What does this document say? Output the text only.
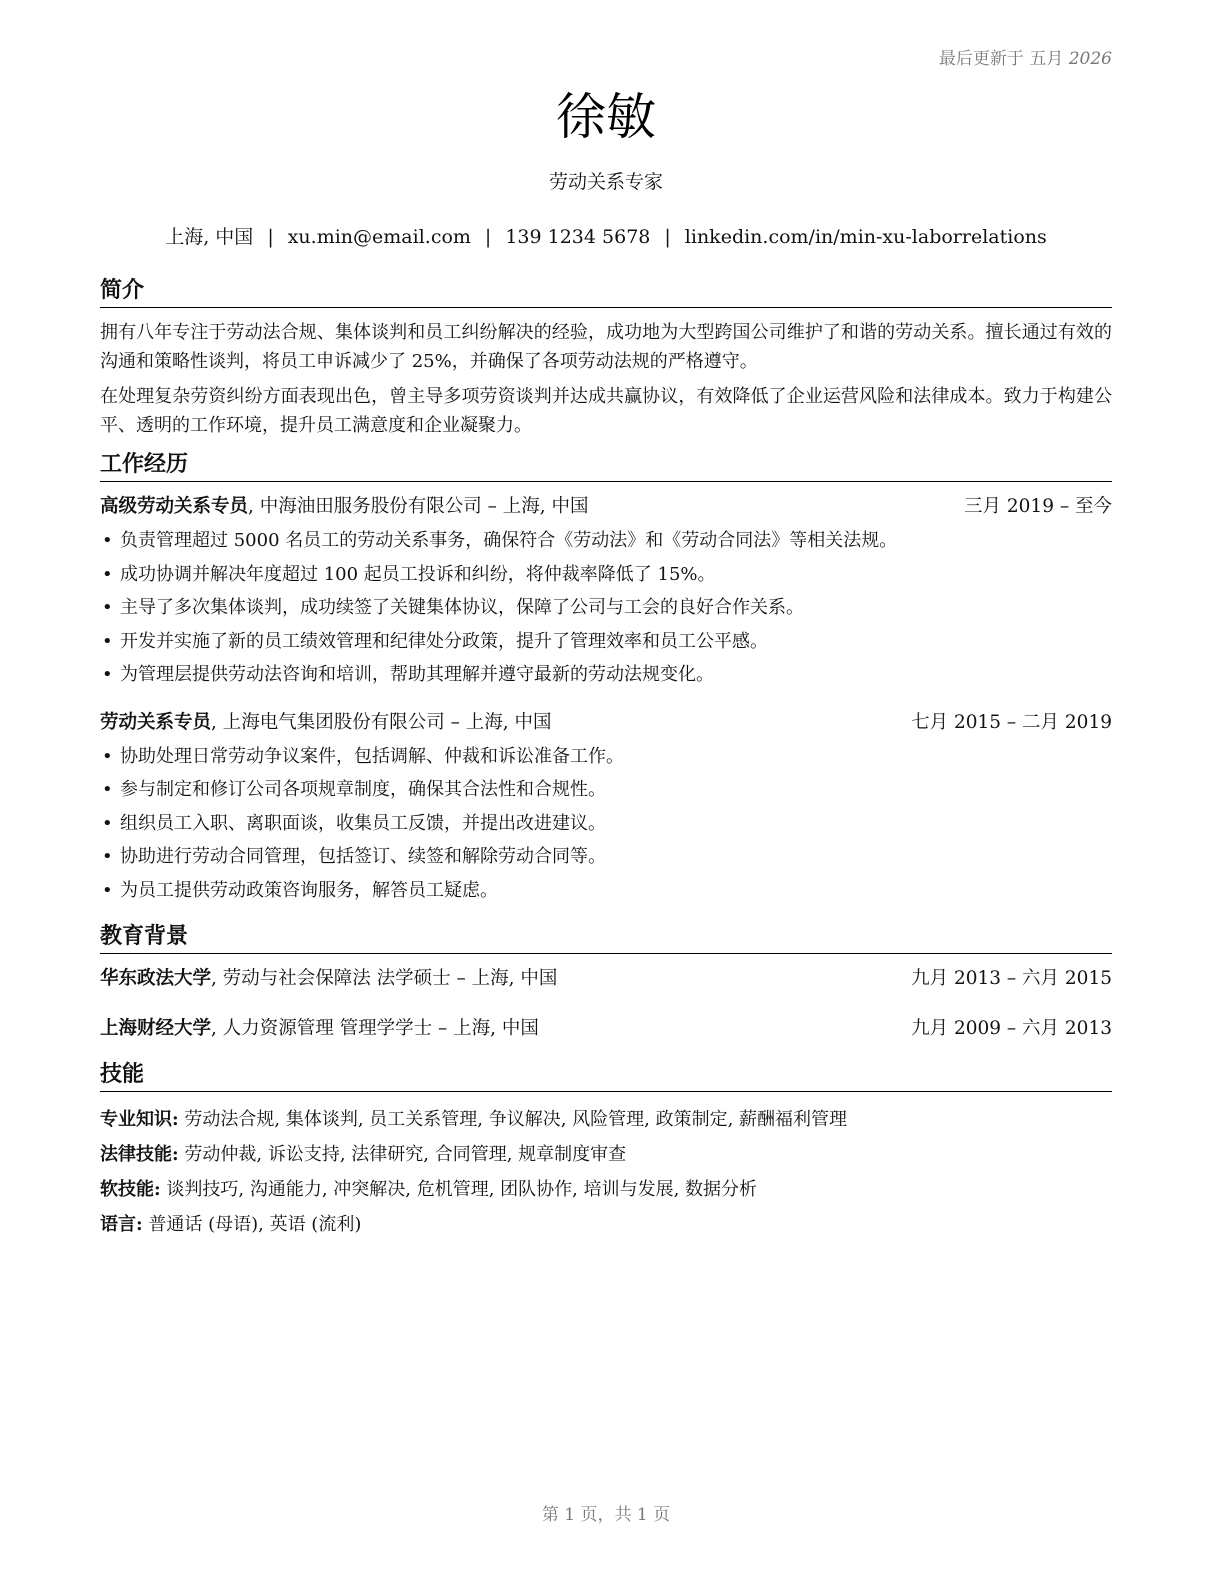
最后更新于 五月 2026
徐敏
劳动关系专家
上海, 中国 | xu.min@email.com | 139 1234 5678 | linkedin.com/in/min-xu-laborrelations
简介

拥有八年专注于劳动法合规、集体谈判和员工纠纷解决的经验，成功地为大型跨国公司维护了和谐的劳动关系。擅长通过有效的沟通和策略性谈判，将员工申诉减少了 25%，并确保了各项劳动法规的严格遵守。

在处理复杂劳资纠纷方面表现出色，曾主导多项劳资谈判并达成共赢协议，有效降低了企业运营风险和法律成本。致力于构建公平、透明的工作环境，提升员工满意度和企业凝聚力。

工作经历
高级劳动关系专员, 中海油田服务股份有限公司 – 上海, 中国	三月 2019 – 至今
• 负责管理超过 5000 名员工的劳动关系事务，确保符合《劳动法》和《劳动合同法》等相关法规。
• 成功协调并解决年度超过 100 起员工投诉和纠纷，将仲裁率降低了 15%。
• 主导了多次集体谈判，成功续签了关键集体协议，保障了公司与工会的良好合作关系。
• 开发并实施了新的员工绩效管理和纪律处分政策，提升了管理效率和员工公平感。
• 为管理层提供劳动法咨询和培训，帮助其理解并遵守最新的劳动法规变化。
劳动关系专员, 上海电气集团股份有限公司 – 上海, 中国	七月 2015 – 二月 2019
• 协助处理日常劳动争议案件，包括调解、仲裁和诉讼准备工作。
• 参与制定和修订公司各项规章制度，确保其合法性和合规性。
• 组织员工入职、离职面谈，收集员工反馈，并提出改进建议。
• 协助进行劳动合同管理，包括签订、续签和解除劳动合同等。
• 为员工提供劳动政策咨询服务，解答员工疑虑。
教育背景
华东政法大学, 劳动与社会保障法 法学硕士 – 上海, 中国	九月 2013 – 六月 2015
上海财经大学, 人力资源管理 管理学学士 – 上海, 中国	九月 2009 – 六月 2013
技能
专业知识: 劳动法合规, 集体谈判, 员工关系管理, 争议解决, 风险管理, 政策制定, 薪酬福利管理
法律技能: 劳动仲裁, 诉讼支持, 法律研究, 合同管理, 规章制度审查
软技能: 谈判技巧, 沟通能力, 冲突解决, 危机管理, 团队协作, 培训与发展, 数据分析
语言: 普通话 (母语), 英语 (流利)
第 1 页，共 1 页
